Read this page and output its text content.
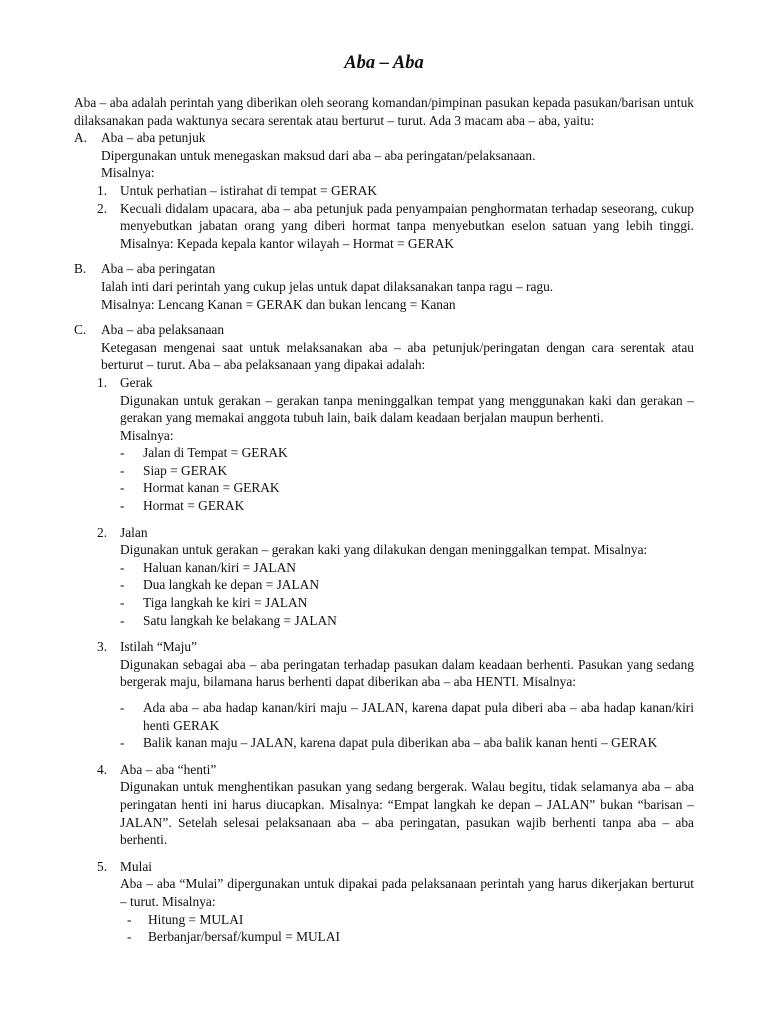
Aba – Aba

Aba – aba adalah perintah yang diberikan oleh seorang komandan/pimpinan pasukan kepada pasukan/barisan untuk dilaksanakan pada waktunya secara serentak atau berturut – turut. Ada 3 macam aba – aba, yaitu:

A. Aba – aba petunjuk

Dipergunakan untuk menegaskan maksud dari aba – aba peringatan/pelaksanaan.

Misalnya:

1. Untuk perhatian – istirahat di tempat = GERAK

2. Kecuali didalam upacara, aba – aba petunjuk pada penyampaian penghormatan terhadap seseorang, cukup menyebutkan jabatan orang yang diberi hormat tanpa menyebutkan eselon satuan yang lebih tinggi. Misalnya: Kepada kepala kantor wilayah – Hormat = GERAK

B. Aba – aba peringatan

Ialah inti dari perintah yang cukup jelas untuk dapat dilaksanakan tanpa ragu – ragu.

Misalnya: Lencang Kanan = GERAK dan bukan lencang = Kanan

C. Aba – aba pelaksanaan

Ketegasan mengenai saat untuk melaksanakan aba – aba petunjuk/peringatan dengan cara serentak atau berturut – turut. Aba – aba pelaksanaan yang dipakai adalah:

1. Gerak

Digunakan untuk gerakan – gerakan tanpa meninggalkan tempat yang menggunakan kaki dan gerakan – gerakan yang memakai anggota tubuh lain, baik dalam keadaan berjalan maupun berhenti.

Misalnya:

- Jalan di Tempat = GERAK
- Siap = GERAK
- Hormat kanan = GERAK
- Hormat = GERAK
2. Jalan

Digunakan untuk gerakan – gerakan kaki yang dilakukan dengan meninggalkan tempat. Misalnya:

- Haluan kanan/kiri = JALAN
- Dua langkah ke depan = JALAN
- Tiga langkah ke kiri = JALAN
- Satu langkah ke belakang = JALAN
3. Istilah “Maju”

Digunakan sebagai aba – aba peringatan terhadap pasukan dalam keadaan berhenti. Pasukan yang sedang bergerak maju, bilamana harus berhenti dapat diberikan aba – aba HENTI. Misalnya:

- Ada aba – aba hadap kanan/kiri maju – JALAN, karena dapat pula diberi aba – aba hadap kanan/kiri henti GERAK
- Balik kanan maju – JALAN, karena dapat pula diberikan aba – aba balik kanan henti – GERAK
4. Aba – aba “henti”

Digunakan untuk menghentikan pasukan yang sedang bergerak. Walau begitu, tidak selamanya aba – aba peringatan henti ini harus diucapkan. Misalnya: “Empat langkah ke depan – JALAN” bukan “barisan – JALAN”. Setelah selesai pelaksanaan aba – aba peringatan, pasukan wajib berhenti tanpa aba – aba berhenti.

5. Mulai

Aba – aba “Mulai” dipergunakan untuk dipakai pada pelaksanaan perintah yang harus dikerjakan berturut – turut. Misalnya:

- Hitung = MULAI
- Berbanjar/bersaf/kumpul = MULAI
